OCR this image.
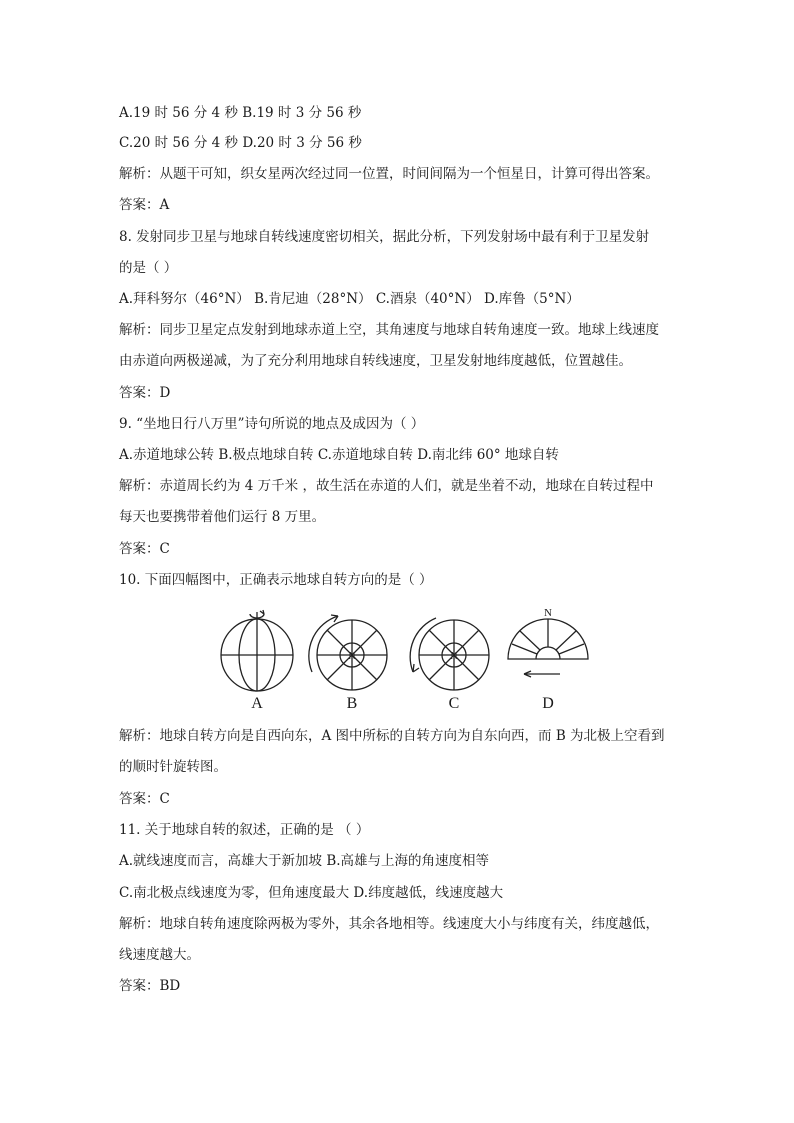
A.19 时 56 分 4 秒 B.19 时 3 分 56 秒
C.20 时 56 分 4 秒 D.20 时 3 分 56 秒
解析：从题干可知，织女星两次经过同一位置，时间间隔为一个恒星日，计算可得出答案。
答案：A
8. 发射同步卫星与地球自转线速度密切相关，据此分析，下列发射场中最有利于卫星发射
的是（ ）
A.拜科努尔（46°N） B.肯尼迪（28°N） C.酒泉（40°N） D.库鲁（5°N）
解析：同步卫星定点发射到地球赤道上空，其角速度与地球自转角速度一致。地球上线速度
由赤道向两极递减，为了充分利用地球自转线速度，卫星发射地纬度越低，位置越佳。
答案：D
9. “坐地日行八万里”诗句所说的地点及成因为（ ）
A.赤道地球公转 B.极点地球自转 C.赤道地球自转 D.南北纬 60° 地球自转
解析：赤道周长约为 4 万千米 ，故生活在赤道的人们，就是坐着不动，地球在自转过程中
每天也要携带着他们运行 8 万里。
答案：C
10. 下面四幅图中，正确表示地球自转方向的是（ ）
N	N
N
A	B	C	D
解析：地球自转方向是自西向东，A 图中所标的自转方向为自东向西，而 B 为北极上空看到
的顺时针旋转图。
答案：C
11. 关于地球自转的叙述，正确的是 （ ）
A.就线速度而言，高雄大于新加坡 B.高雄与上海的角速度相等
C.南北极点线速度为零，但角速度最大 D.纬度越低，线速度越大
解析：地球自转角速度除两极为零外，其余各地相等。线速度大小与纬度有关，纬度越低，
线速度越大。
答案：BD
